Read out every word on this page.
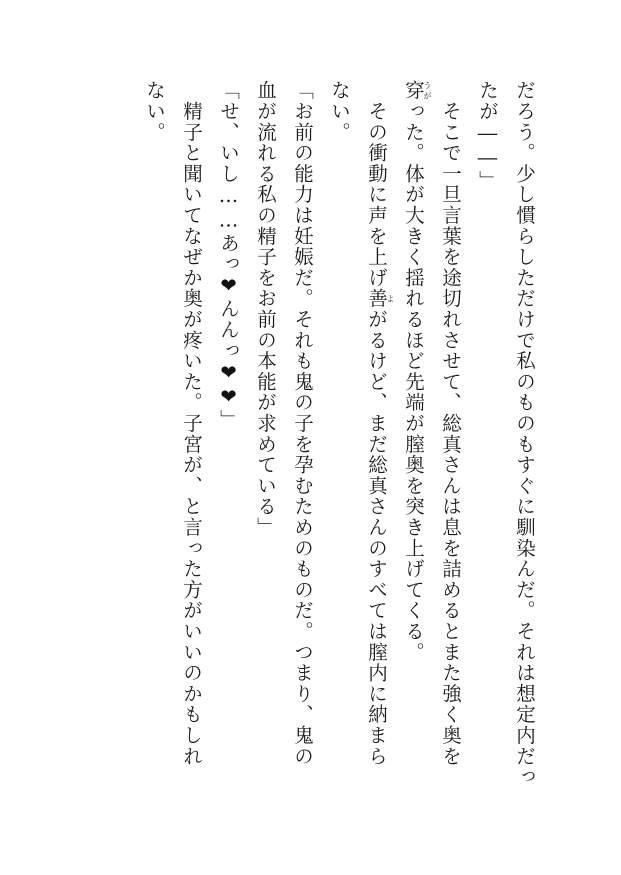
だろう。少し慣らしただけで私のものもすぐに馴染んだ。それは想定内だっ
たが――」
　そこで一旦言葉を途切れさせて、総真さんは息を詰めるとまた強く奥を
穿うがった。体が大きく揺れるほど先端が膣奥を突き上げてくる。
　その衝動に声を上げ善よがるけど、まだ総真さんのすべては膣内に納まら
ない。
「お前の能力は妊娠だ。それも鬼の子を孕むためのものだ。つまり、鬼の
血が流れる私の精子をお前の本能が求めている」
「せ、いし……あっ❤んんっ❤❤」
　精子と聞いてなぜか奥が疼いた。子宮が、と言った方がいいのかもしれ
ない。
